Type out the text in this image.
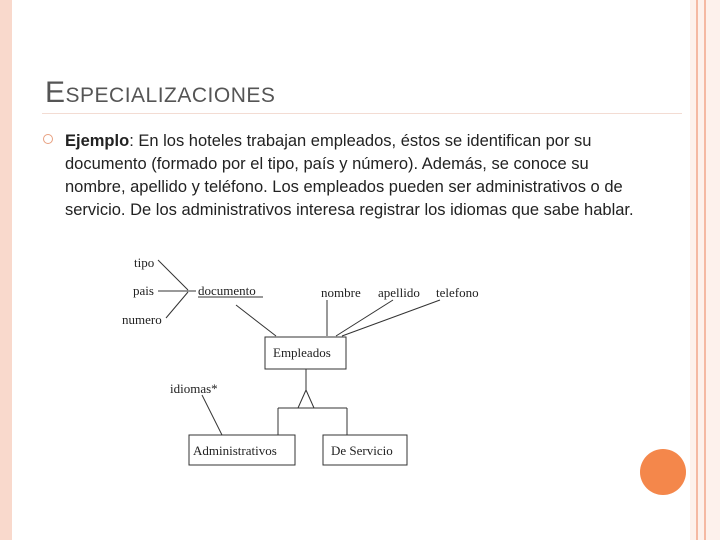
ESPECIALIZACIONES
Ejemplo: En los hoteles trabajan empleados, éstos se identifican por su documento (formado por el tipo, país y número). Además, se conoce su nombre, apellido y teléfono. Los empleados pueden ser administrativos o de servicio. De los administrativos interesa registrar los idiomas que sabe hablar.
tipo
pais
numero
documento	nombre apellido telefono
idiomas*
Empleados
Administrativos	De Servicio
